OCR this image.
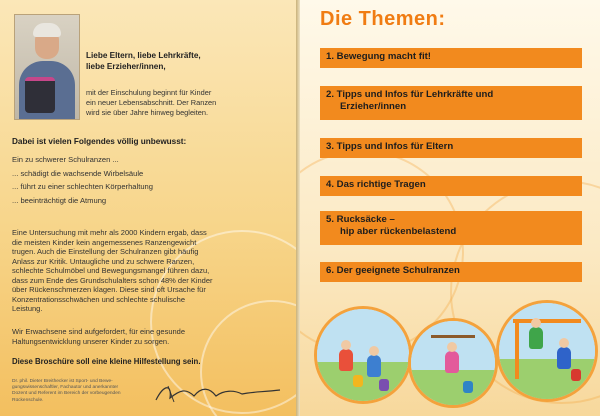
Liebe Eltern, liebe Lehrkräfte,
liebe Erzieher/innen,
mit der Einschulung beginnt für Kinder
ein neuer Lebensabschnitt. Der Ranzen
wird sie über Jahre hinweg begleiten.
Dabei ist vielen Folgendes völlig unbewusst:
Ein zu schwerer Schulranzen ...
... schädigt die wachsende Wirbelsäule
... führt zu einer schlechten Körperhaltung
... beeinträchtigt die Atmung
Eine Untersuchung mit mehr als 2000 Kindern ergab, dass
die meisten Kinder kein angemessenes Ranzengewicht
trugen. Auch die Einstellung der Schulranzen gibt häufig
Anlass zur Kritik. Untaugliche und zu schwere Ranzen,
schlechte Schulmöbel und Bewegungsmangel führen dazu,
dass zum Ende des Grundschulalters schon 48% der Kinder
über Rückenschmerzen klagen. Diese sind oft Ursache für
Konzentrationsschwächen und schlechte schulische
Leistung.
Wir Erwachsene sind aufgefordert, für eine gesunde
Haltungsentwicklung unserer Kinder zu sorgen.
Diese Broschüre soll eine kleine Hilfestellung sein.
Dr. phil. Dieter Breithecker ist Sport- und Bewe-
gungswissenschaftler, Fachautor und anerkannter
Dozent und Referent im Bereich der vorbeugenden
Rückenschule.
Die Themen:
1. Bewegung macht fit!
2. Tipps und Infos für Lehrkräfte und
Erzieher/innen
3. Tipps und Infos für Eltern
4. Das richtige Tragen
5. Rucksäcke –
hip aber rückenbelastend
6. Der geeignete Schulranzen
